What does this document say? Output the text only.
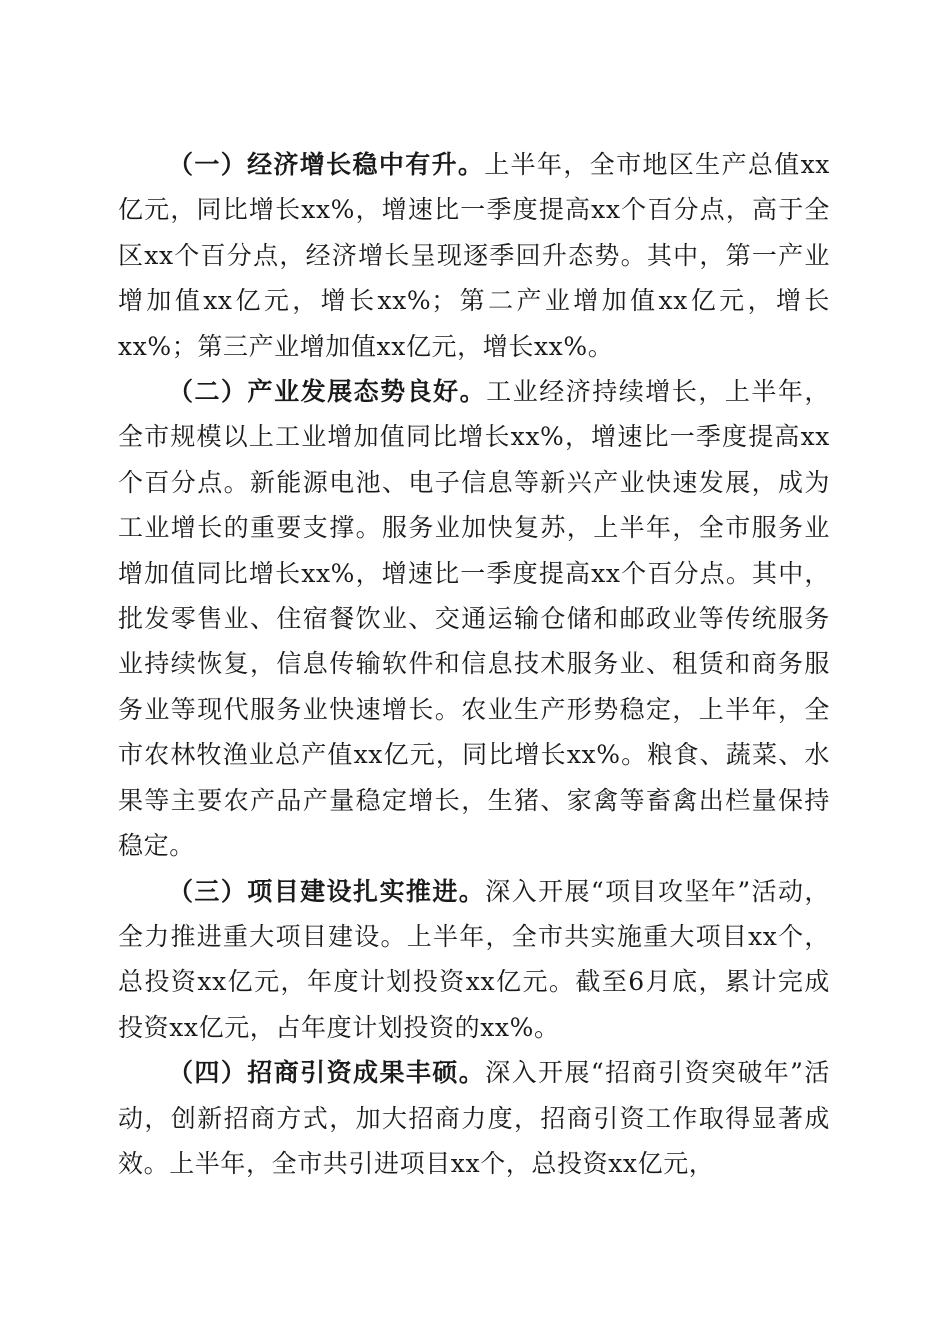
（一）经济增长稳中有升。上半年，全市地区生产总值xx亿元，同比增长xx%，增速比一季度提高xx个百分点，高于全区xx个百分点，经济增长呈现逐季回升态势。其中，第一产业增加值xx亿元，增长xx%；第二产业增加值xx亿元，增长xx%；第三产业增加值xx亿元，增长xx%。

（二）产业发展态势良好。工业经济持续增长，上半年，全市规模以上工业增加值同比增长xx%，增速比一季度提高xx个百分点。新能源电池、电子信息等新兴产业快速发展，成为工业增长的重要支撑。服务业加快复苏，上半年，全市服务业增加值同比增长xx%，增速比一季度提高xx个百分点。其中，批发零售业、住宿餐饮业、交通运输仓储和邮政业等传统服务业持续恢复，信息传输软件和信息技术服务业、租赁和商务服务业等现代服务业快速增长。农业生产形势稳定，上半年，全市农林牧渔业总产值xx亿元，同比增长xx%。粮食、蔬菜、水果等主要农产品产量稳定增长，生猪、家禽等畜禽出栏量保持稳定。

（三）项目建设扎实推进。深入开展“项目攻坚年”活动，全力推进重大项目建设。上半年，全市共实施重大项目xx个，总投资xx亿元，年度计划投资xx亿元。截至6月底，累计完成投资xx亿元，占年度计划投资的xx%。

（四）招商引资成果丰硕。深入开展“招商引资突破年”活动，创新招商方式，加大招商力度，招商引资工作取得显著成效。上半年，全市共引进项目xx个，总投资xx亿元，
